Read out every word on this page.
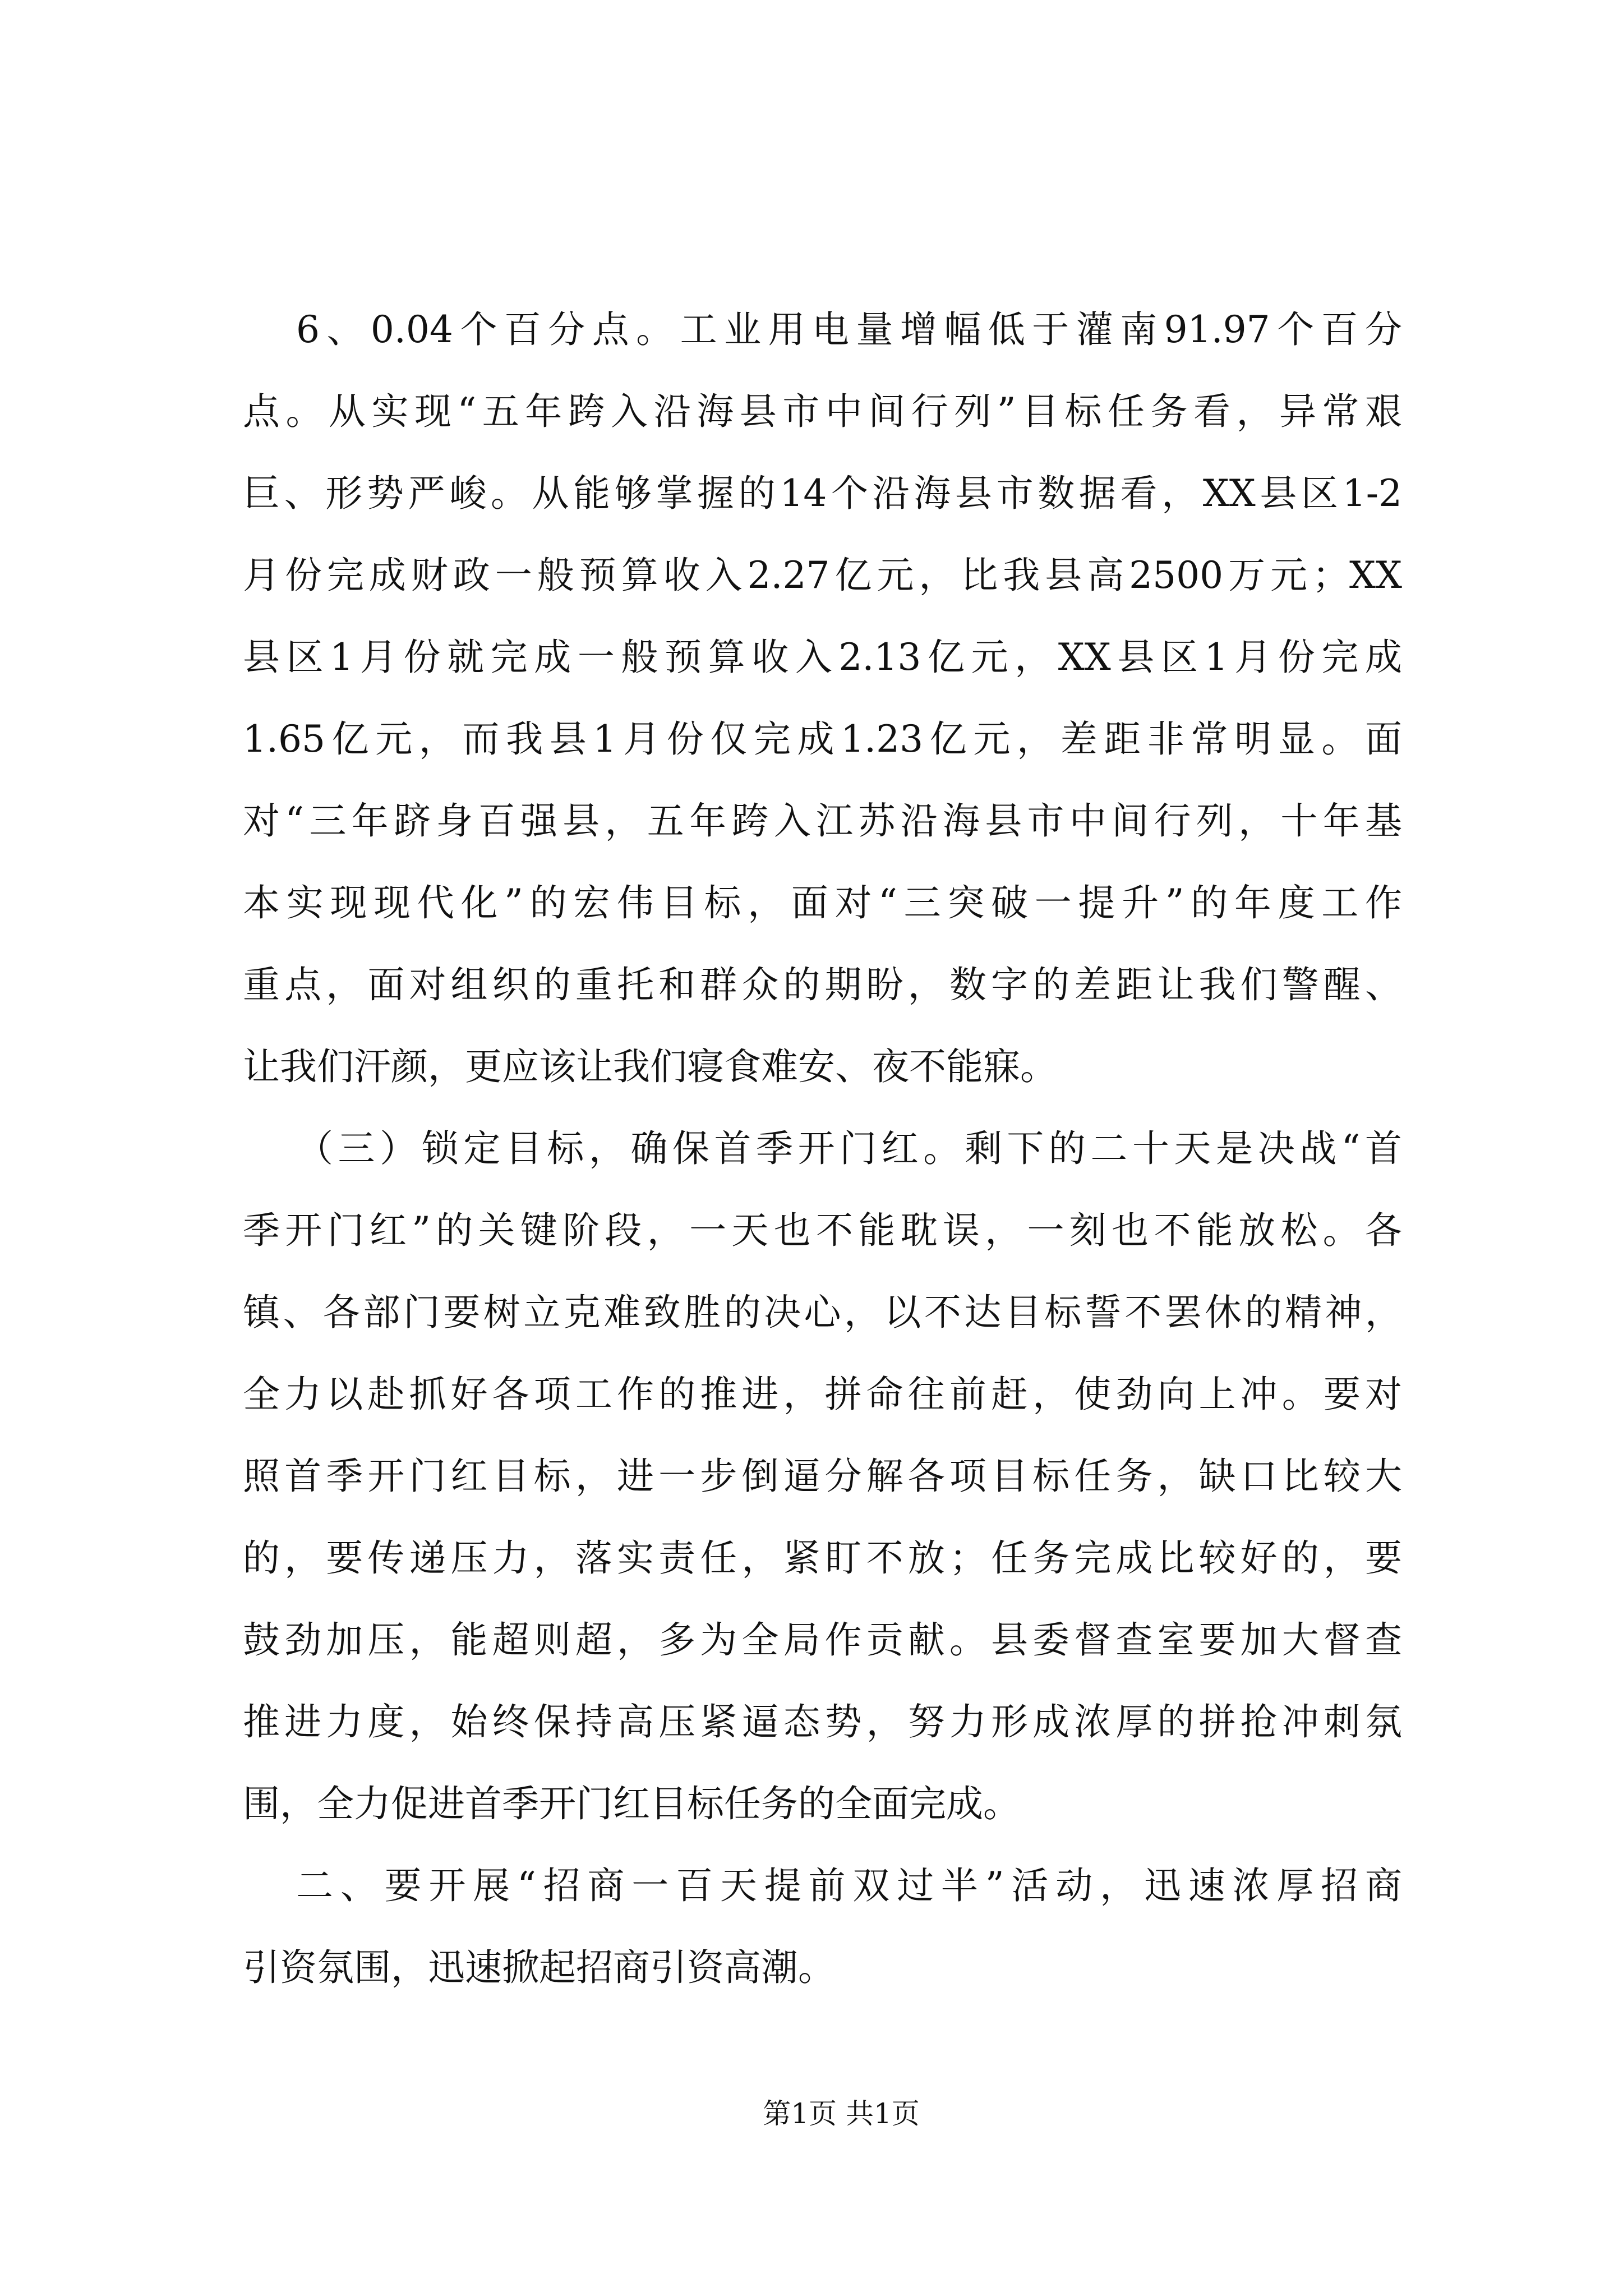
6、0.04个百分点。工业用电量增幅低于灌南91.97个百分
点。从实现“五年跨入沿海县市中间行列”目标任务看，异常艰
巨、形势严峻。从能够掌握的14个沿海县市数据看，XX县区1-2
月份完成财政一般预算收入2.27亿元，比我县高2500万元；XX
县区1月份就完成一般预算收入2.13亿元，XX县区1月份完成
1.65亿元，而我县1月份仅完成1.23亿元，差距非常明显。面
对“三年跻身百强县，五年跨入江苏沿海县市中间行列，十年基
本实现现代化”的宏伟目标，面对“三突破一提升”的年度工作
重点，面对组织的重托和群众的期盼，数字的差距让我们警醒、
让我们汗颜，更应该让我们寝食难安、夜不能寐。
（三）锁定目标，确保首季开门红。剩下的二十天是决战“首
季开门红”的关键阶段，一天也不能耽误，一刻也不能放松。各
镇、各部门要树立克难致胜的决心，以不达目标誓不罢休的精神，
全力以赴抓好各项工作的推进，拼命往前赶，使劲向上冲。要对
照首季开门红目标，进一步倒逼分解各项目标任务，缺口比较大
的，要传递压力，落实责任，紧盯不放；任务完成比较好的，要
鼓劲加压，能超则超，多为全局作贡献。县委督查室要加大督查
推进力度，始终保持高压紧逼态势，努力形成浓厚的拼抢冲刺氛
围，全力促进首季开门红目标任务的全面完成。
二、要开展“招商一百天提前双过半”活动，迅速浓厚招商
引资氛围，迅速掀起招商引资高潮。
第1页 共1页
